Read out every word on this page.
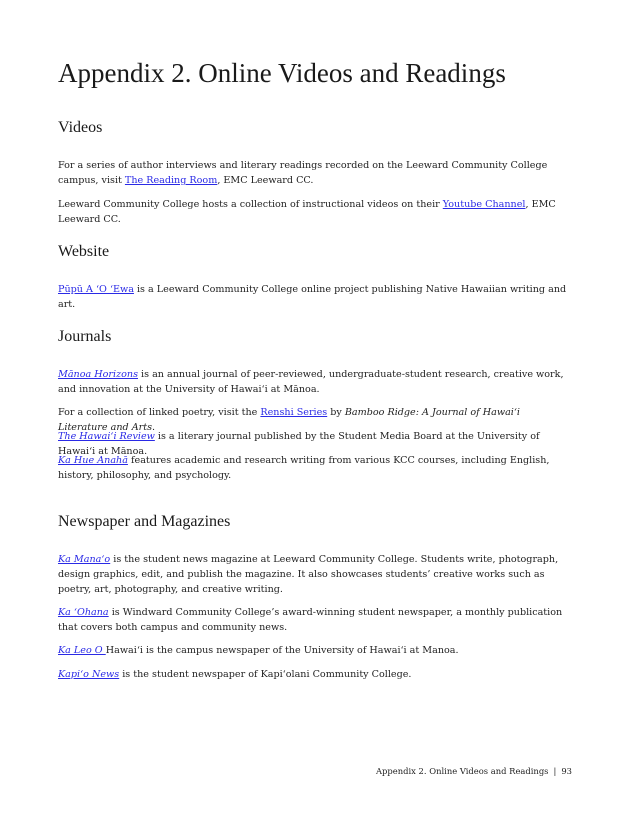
Appendix 2. Online Videos and Readings
Videos

For a series of author interviews and literary readings recorded on the Leeward Community College campus, visit The Reading Room, EMC Leeward CC.

Leeward Community College hosts a collection of instructional videos on their Youtube Channel, EMC Leeward CC.

Website

Pūpū A ‘O ‘Ewa is a Leeward Community College online project publishing Native Hawaiian writing and art.

Journals

Mānoa Horizons is an annual journal of peer-reviewed, undergraduate-student research, creative work, and innovation at the University of Hawai‘i at Mānoa.

For a collection of linked poetry, visit the Renshi Series by Bamboo Ridge: A Journal of Hawai‘i Literature and Arts.

The Hawai‘i Review is a literary journal published by the Student Media Board at the University of Hawai‘i at Mānoa.

Ka Hue Anahā features academic and research writing from various KCC courses, including English, history, philosophy, and psychology.

Newspaper and Magazines

Ka Mana‘o is the student news magazine at Leeward Community College. Students write, photograph, design graphics, edit, and publish the magazine. It also showcases students’ creative works such as poetry, art, photography, and creative writing.

Ka ‘Ohana is Windward Community College’s award-winning student newspaper, a monthly publication that covers both campus and community news.

Ka Leo O Hawai‘i is the campus newspaper of the University of Hawai‘i at Manoa.

Kapi‘o News is the student newspaper of Kapi‘olani Community College.

Appendix 2. Online Videos and Readings | 93
